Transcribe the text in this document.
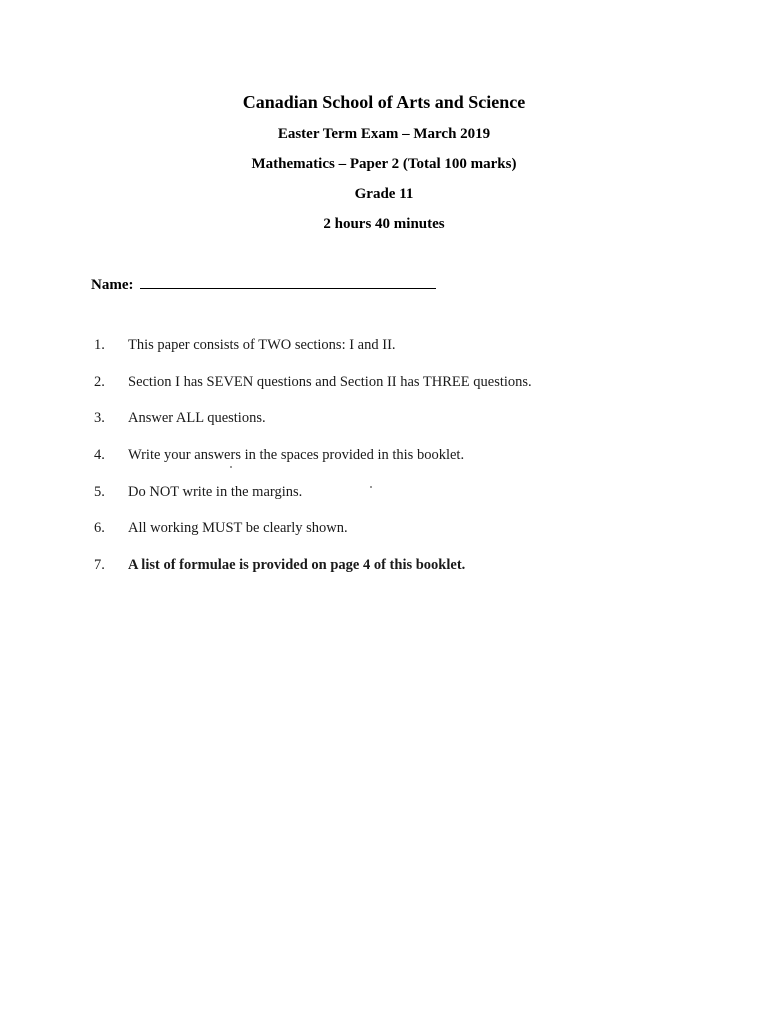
Canadian School of Arts and Science
Easter Term Exam – March 2019
Mathematics – Paper 2 (Total 100 marks)
Grade 11
2 hours 40 minutes
Name:
1.	This paper consists of TWO sections: I and II.
2.	Section I has SEVEN questions and Section II has THREE questions.
3.	Answer ALL questions.
4.	Write your answers in the spaces provided in this booklet.
5.	Do NOT write in the margins.
6.	All working MUST be clearly shown.
7.	A list of formulae is provided on page 4 of this booklet.
